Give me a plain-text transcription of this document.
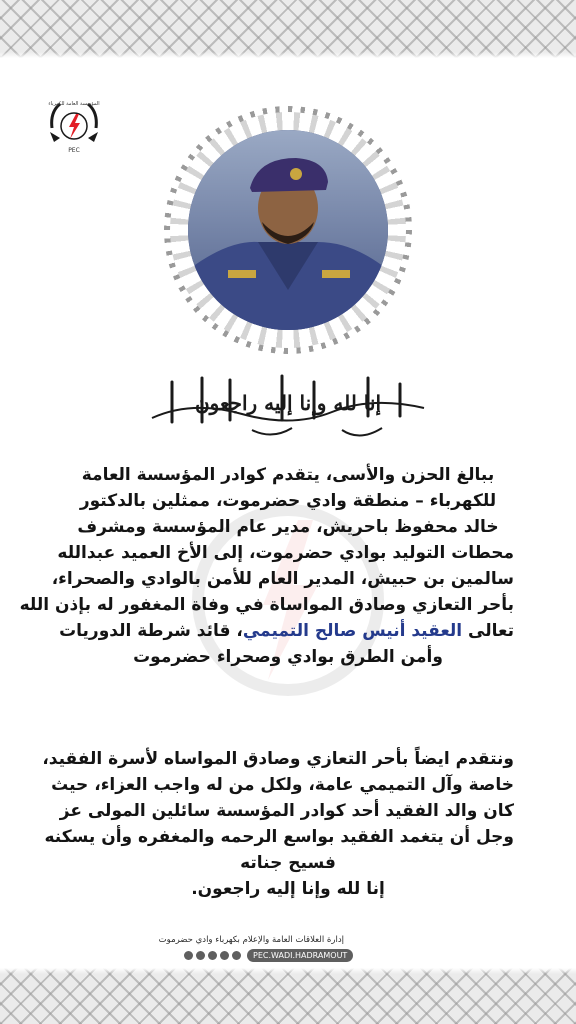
المؤسسة العامة للكهرباء
PEC
إنا لله وإنا إليه راجعون
ببالغ الحزن والأسى، يتقدم كوادر المؤسسة العامة
للكهرباء – منطقة وادي حضرموت، ممثلين بالدكتور
خالد محفوظ باحريش، مدير عام المؤسسة ومشرف
محطات التوليد بوادي حضرموت، إلى الأخ العميد عبدالله
سالمين بن حبيش، المدير العام للأمن بالوادي والصحراء،
بأحر التعازي وصادق المواساة في وفاة المغفور له بإذن الله
تعالى العقيد أنيس صالح التميمي، قائد شرطة الدوريات
وأمن الطرق بوادي وصحراء حضرموت
ونتقدم ايضاً بأحر التعازي وصادق المواساه لأسرة الفقيد،
خاصة وآل التميمي عامة، ولكل من له واجب العزاء، حيث
كان والد الفقيد أحد كوادر المؤسسة سائلين المولى عز
وجل أن يتغمد الفقيد بواسع الرحمه والمغفره وأن يسكنه
فسيح جناته
إنا لله وإنا إليه راجعون.
إدارة العلاقات العامة والإعلام بكهرباء وادي حضرموت
PEC.WADI.HADRAMOUT
